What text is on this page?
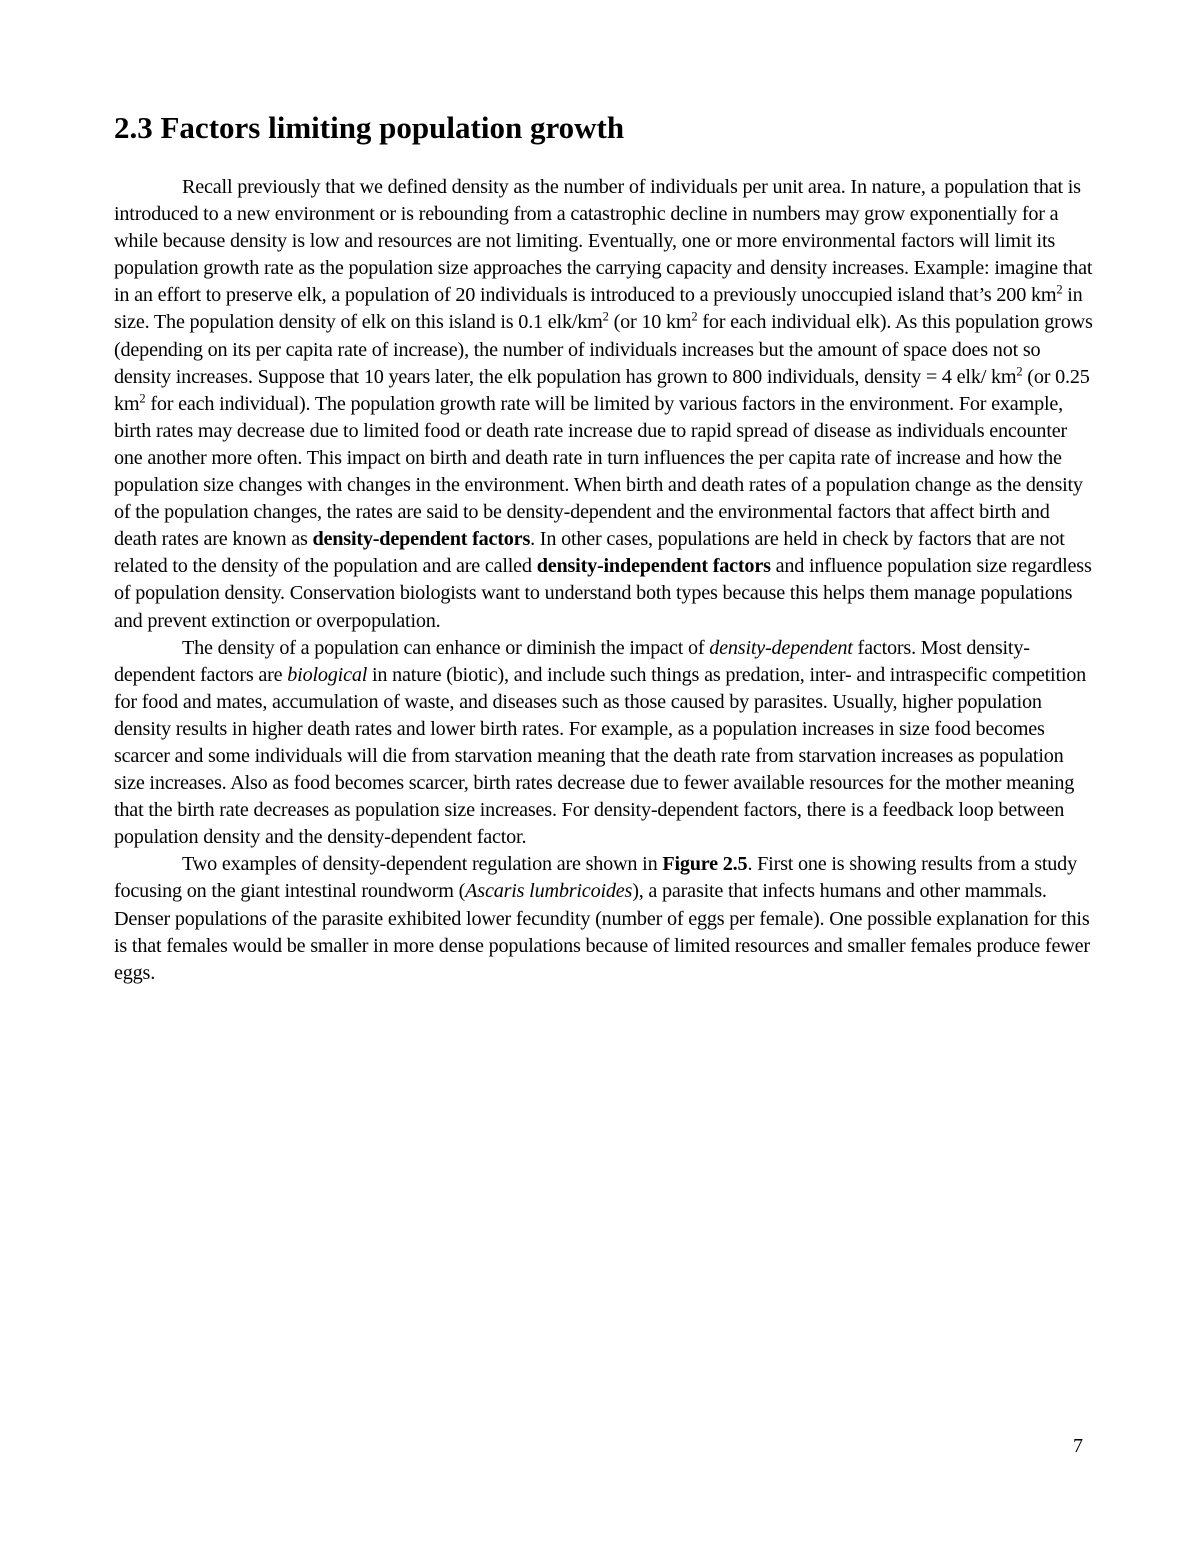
2.3 Factors limiting population growth

Recall previously that we defined density as the number of individuals per unit area. In nature, a population that is introduced to a new environment or is rebounding from a catastrophic decline in numbers may grow exponentially for a while because density is low and resources are not limiting. Eventually, one or more environmental factors will limit its population growth rate as the population size approaches the carrying capacity and density increases. Example: imagine that in an effort to preserve elk, a population of 20 individuals is introduced to a previously unoccupied island that’s 200 $km^2$ in size. The population density of elk on this island is 0.1 elk/$km^2$ (or 10 $km^2$ for each individual elk). As this population grows (depending on its per capita rate of increase), the number of individuals increases but the amount of space does not so density increases. Suppose that 10 years later, the elk population has grown to 800 individuals, density = 4 elk/ $km^2$ (or 0.25 $km^2$ for each individual). The population growth rate will be limited by various factors in the environment. For example, birth rates may decrease due to limited food or death rate increase due to rapid spread of disease as individuals encounter one another more often. This impact on birth and death rate in turn influences the per capita rate of increase and how the population size changes with changes in the environment. When birth and death rates of a population change as the density of the population changes, the rates are said to be density-dependent and the environmental factors that affect birth and death rates are known as density-dependent factors. In other cases, populations are held in check by factors that are not related to the density of the population and are called density-independent factors and influence population size regardless of population density. Conservation biologists want to understand both types because this helps them manage populations and prevent extinction or overpopulation.

The density of a population can enhance or diminish the impact of density-dependent factors. Most density-dependent factors are biological in nature (biotic), and include such things as predation, inter- and intraspecific competition for food and mates, accumulation of waste, and diseases such as those caused by parasites. Usually, higher population density results in higher death rates and lower birth rates. For example, as a population increases in size food becomes scarcer and some individuals will die from starvation meaning that the death rate from starvation increases as population size increases. Also as food becomes scarcer, birth rates decrease due to fewer available resources for the mother meaning that the birth rate decreases as population size increases. For density-dependent factors, there is a feedback loop between population density and the density-dependent factor.

Two examples of density-dependent regulation are shown in Figure 2.5. First one is showing results from a study focusing on the giant intestinal roundworm (Ascaris lumbricoides), a parasite that infects humans and other mammals. Denser populations of the parasite exhibited lower fecundity (number of eggs per female). One possible explanation for this is that females would be smaller in more dense populations because of limited resources and smaller females produce fewer eggs.

7
